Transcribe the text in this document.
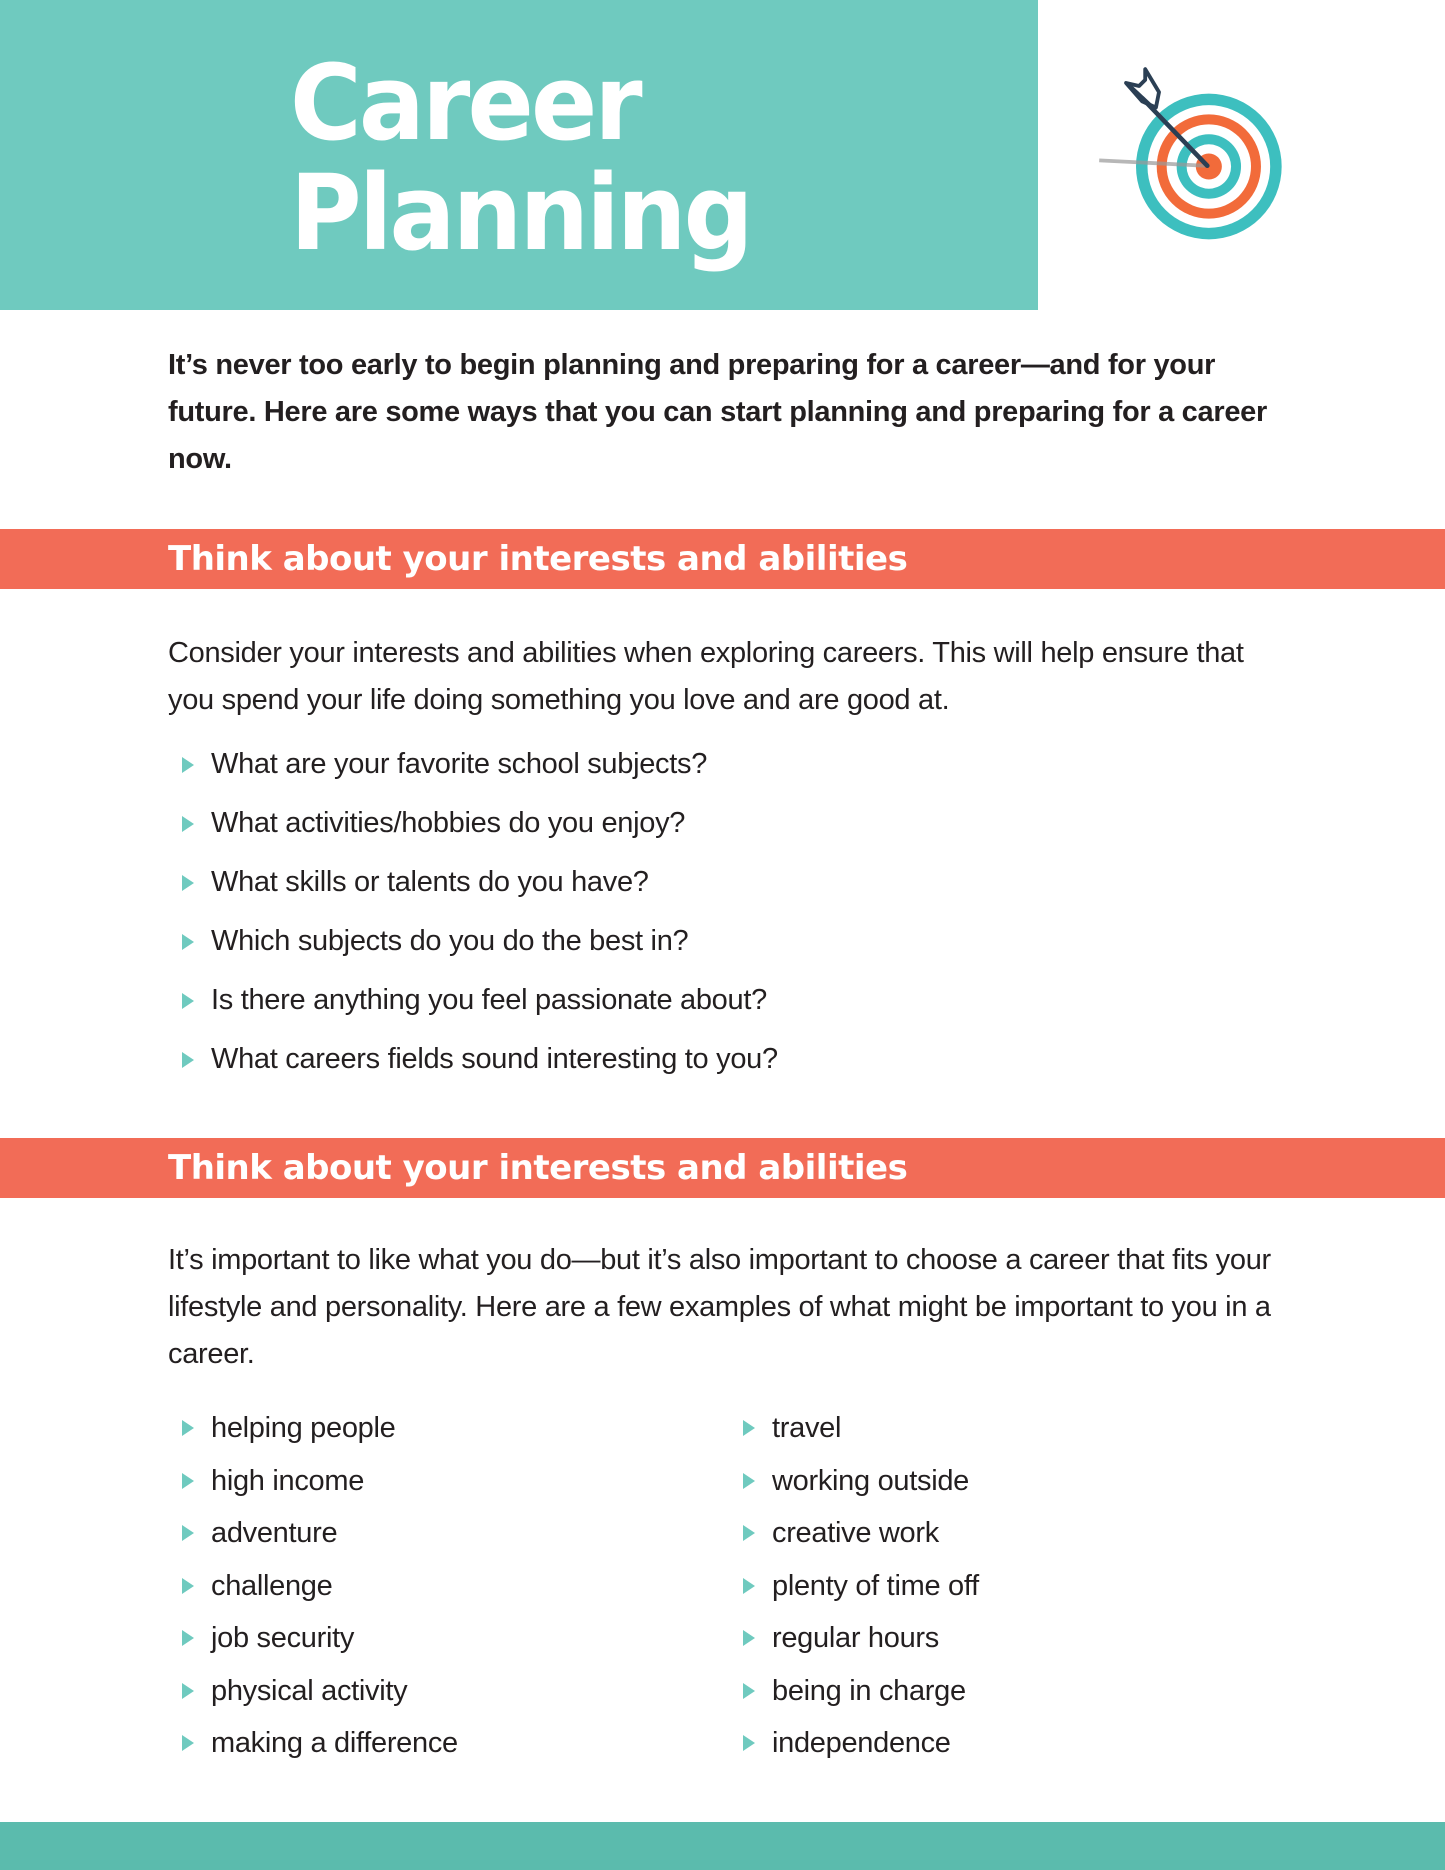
Career
Planning

It’s never too early to begin planning and preparing for a career—and for your future. Here are some ways that you can start planning and preparing for a career now.

Think about your interests and abilities

Consider your interests and abilities when exploring careers. This will help ensure that you spend your life doing something you love and are good at.

What are your favorite school subjects?
What activities/hobbies do you enjoy?
What skills or talents do you have?
Which subjects do you do the best in?
Is there anything you feel passionate about?
What careers fields sound interesting to you?
Think about your interests and abilities

It’s important to like what you do—but it’s also important to choose a career that fits your lifestyle and personality. Here are a few examples of what might be important to you in a career.

helping people
high income
adventure
challenge
job security
physical activity
making a difference
travel
working outside
creative work
plenty of time off
regular hours
being in charge
independence
